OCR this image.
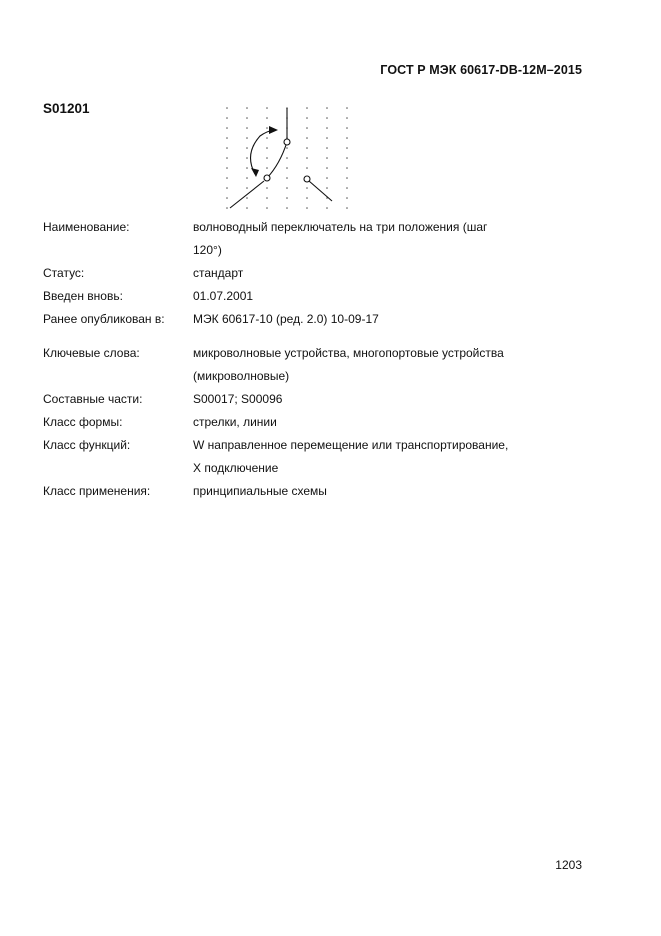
ГОСТ Р МЭК 60617-DB-12M–2015
S01201
Наименование:	волноводный переключатель на три положения (шаг
120°)
Статус:	стандарт
Введен вновь:	01.07.2001
Ранее опубликован в:	МЭК 60617-10 (ред. 2.0) 10-09-17
Ключевые слова:	микроволновые устройства, многопортовые устройства
(микроволновые)
Составные части:	S00017; S00096
Класс формы:	стрелки, линии
Класс функций:	W направленное перемещение или транспортирование,
X подключение
Класс применения:	принципиальные схемы
1203
